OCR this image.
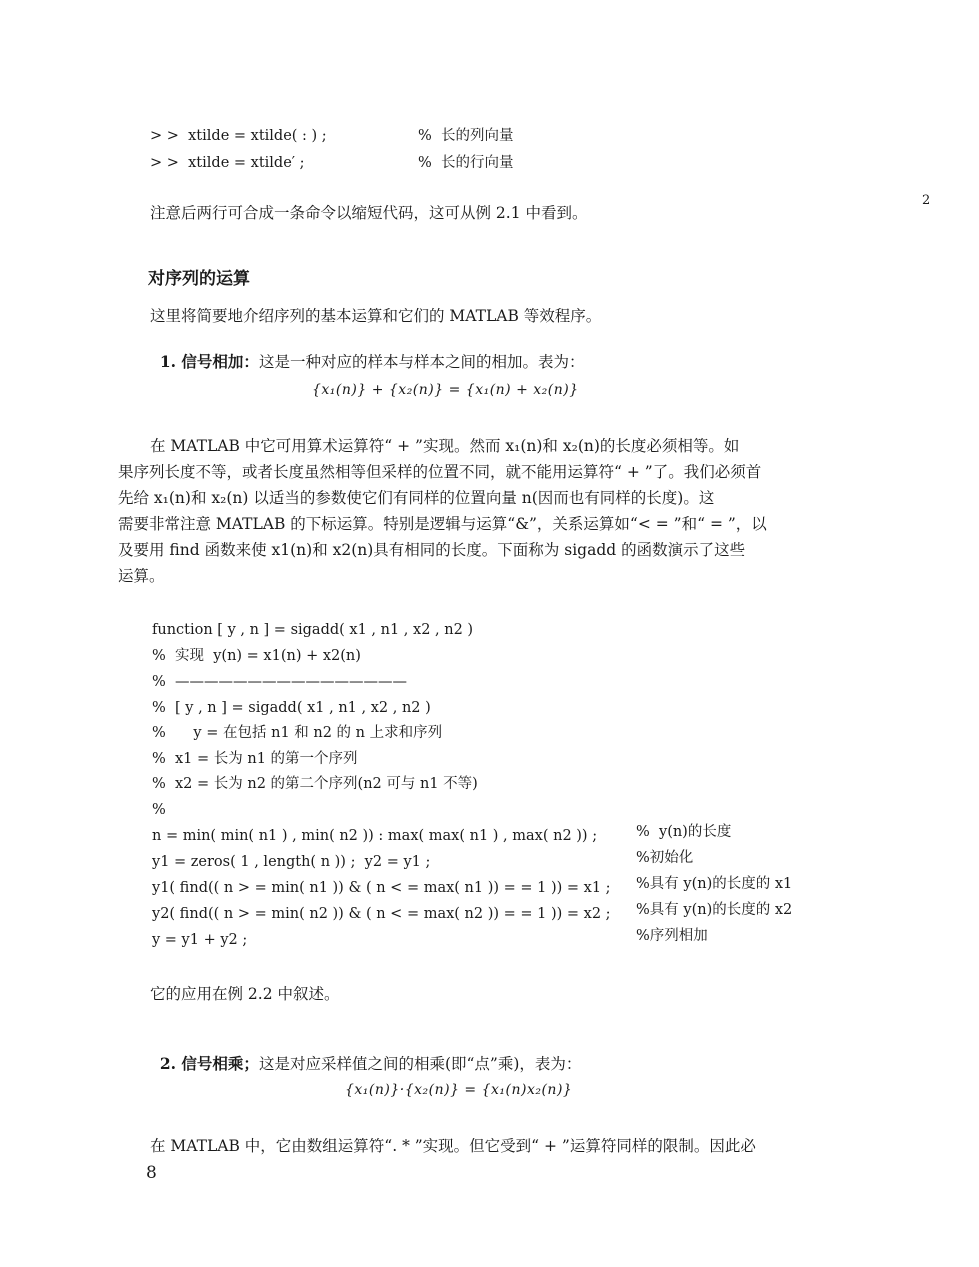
> >  xtilde = xtilde( : ) ;	%  长的列向量
> >  xtilde = xtilde′ ;	%  长的行向量
注意后两行可合成一条命令以缩短代码，这可从例 2.1 中看到。
2
对序列的运算
这里将简要地介绍序列的基本运算和它们的 MATLAB 等效程序。

1. 信号相加：这是一种对应的样本与样本之间的相加。表为：

{x₁(n)} + {x₂(n)} = {x₁(n) + x₂(n)}
在 MATLAB 中它可用算术运算符“ + ”实现。然而 x₁(n)和 x₂(n)的长度必须相等。如
果序列长度不等，或者长度虽然相等但采样的位置不同，就不能用运算符“ + ”了。我们必须首
先给 x₁(n)和 x₂(n) 以适当的参数使它们有同样的位置向量 n(因而也有同样的长度)。这
需要非常注意 MATLAB 的下标运算。特别是逻辑与运算“&”，关系运算如“< = ”和“ = ”，以
及要用 find 函数来使 x1(n)和 x2(n)具有相同的长度。下面称为 sigadd 的函数演示了这些
运算。
function [ y , n ] = sigadd( x1 , n1 , x2 , n2 )
%  实现  y(n) = x1(n) + x2(n)
%  ————————————————
%  [ y , n ] = sigadd( x1 , n1 , x2 , n2 )
%      y = 在包括 n1 和 n2 的 n 上求和序列
%  x1 = 长为 n1 的第一个序列
%  x2 = 长为 n2 的第二个序列(n2 可与 n1 不等)
%
n = min( min( n1 ) , min( n2 )) : max( max( n1 ) , max( n2 )) ;	%  y(n)的长度
y1 = zeros( 1 , length( n )) ;  y2 = y1 ;	%初始化
y1( find(( n > = min( n1 )) & ( n < = max( n1 )) = = 1 )) = x1 ; %具有 y(n)的长度的 x1
y2( find(( n > = min( n2 )) & ( n < = max( n2 )) = = 1 )) = x2 ; %具有 y(n)的长度的 x2
y = y1 + y2 ;	%序列相加
它的应用在例 2.2 中叙述。

2. 信号相乘；这是对应采样值之间的相乘(即“点”乘)，表为：

{x₁(n)}·{x₂(n)} = {x₁(n)x₂(n)}
在 MATLAB 中，它由数组运算符“. * ”实现。但它受到“ + ”运算符同样的限制。因此必
8
